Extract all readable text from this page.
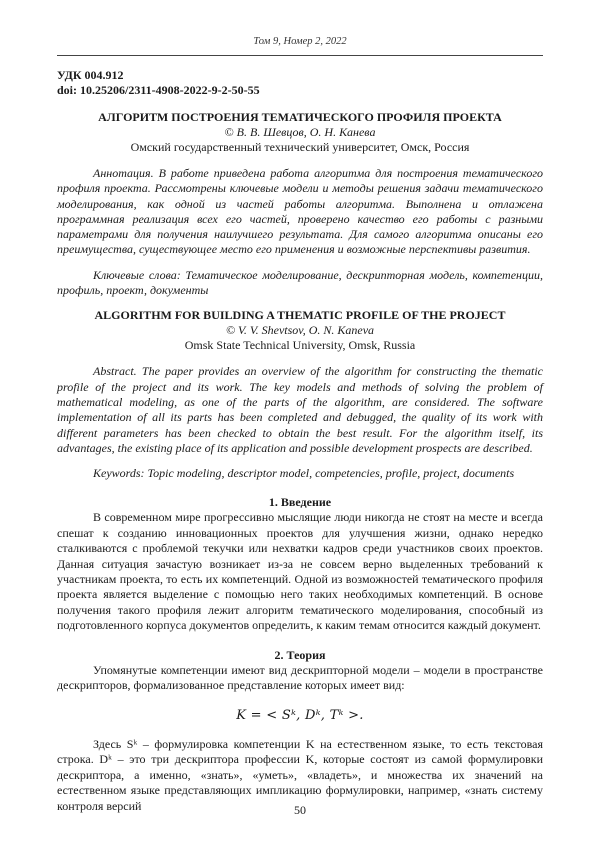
Том 9, Номер 2, 2022

УДК 004.912

doi: 10.25206/2311-4908-2022-9-2-50-55

АЛГОРИТМ ПОСТРОЕНИЯ ТЕМАТИЧЕСКОГО ПРОФИЛЯ ПРОЕКТА
© В. В. Шевцов, О. Н. Канева
Омский государственный технический университет, Омск, Россия
Аннотация. В работе приведена работа алгоритма для построения тематического профиля проекта. Рассмотрены ключевые модели и методы решения задачи тематического моделирования, как одной из частей работы алгоритма. Выполнена и отлажена программная реализация всех его частей, проверено качество его работы с разными параметрами для получения наилучшего результата. Для самого алгоритма описаны его преимущества, существующее место его применения и возможные перспективы развития.
Ключевые слова: Тематическое моделирование, дескрипторная модель, компетенции, профиль, проект, документы
ALGORITHM FOR BUILDING A THEMATIC PROFILE OF THE PROJECT
© V. V. Shevtsov, O. N. Kaneva
Omsk State Technical University, Omsk, Russia
Abstract. The paper provides an overview of the algorithm for constructing the thematic profile of the project and its work. The key models and methods of solving the problem of mathematical modeling, as one of the parts of the algorithm, are considered. The software implementation of all its parts has been completed and debugged, the quality of its work with different parameters has been checked to obtain the best result. For the algorithm itself, its advantages, the existing place of its application and possible development prospects are described.
Keywords: Topic modeling, descriptor model, competencies, profile, project, documents
1. Введение
В современном мире прогрессивно мыслящие люди никогда не стоят на месте и всегда спешат к созданию инновационных проектов для улучшения жизни, однако нередко сталкиваются с проблемой текучки или нехватки кадров среди участников своих проектов. Данная ситуация зачастую возникает из-за не совсем верно выделенных требований к участникам проекта, то есть их компетенций. Одной из возможностей тематического профиля проекта является выделение с помощью него таких необходимых компетенций. В основе получения такого профиля лежит алгоритм тематического моделирования, способный из подготовленного корпуса документов определить, к каким темам относится каждый документ.
2. Теория
Упомянутые компетенции имеют вид дескрипторной модели – модели в пространстве дескрипторов, формализованное представление которых имеет вид:
K = < Sᵏ, Dᵏ, Tᵏ >.
Здесь Sᵏ – формулировка компетенции K на естественном языке, то есть текстовая строка. Dᵏ – это три дескриптора профессии K, которые состоят из самой формулировки дескриптора, а именно, «знать», «уметь», «владеть», и множества их значений на естественном языке представляющих импликацию формулировки, например, «знать систему контроля версий	50
